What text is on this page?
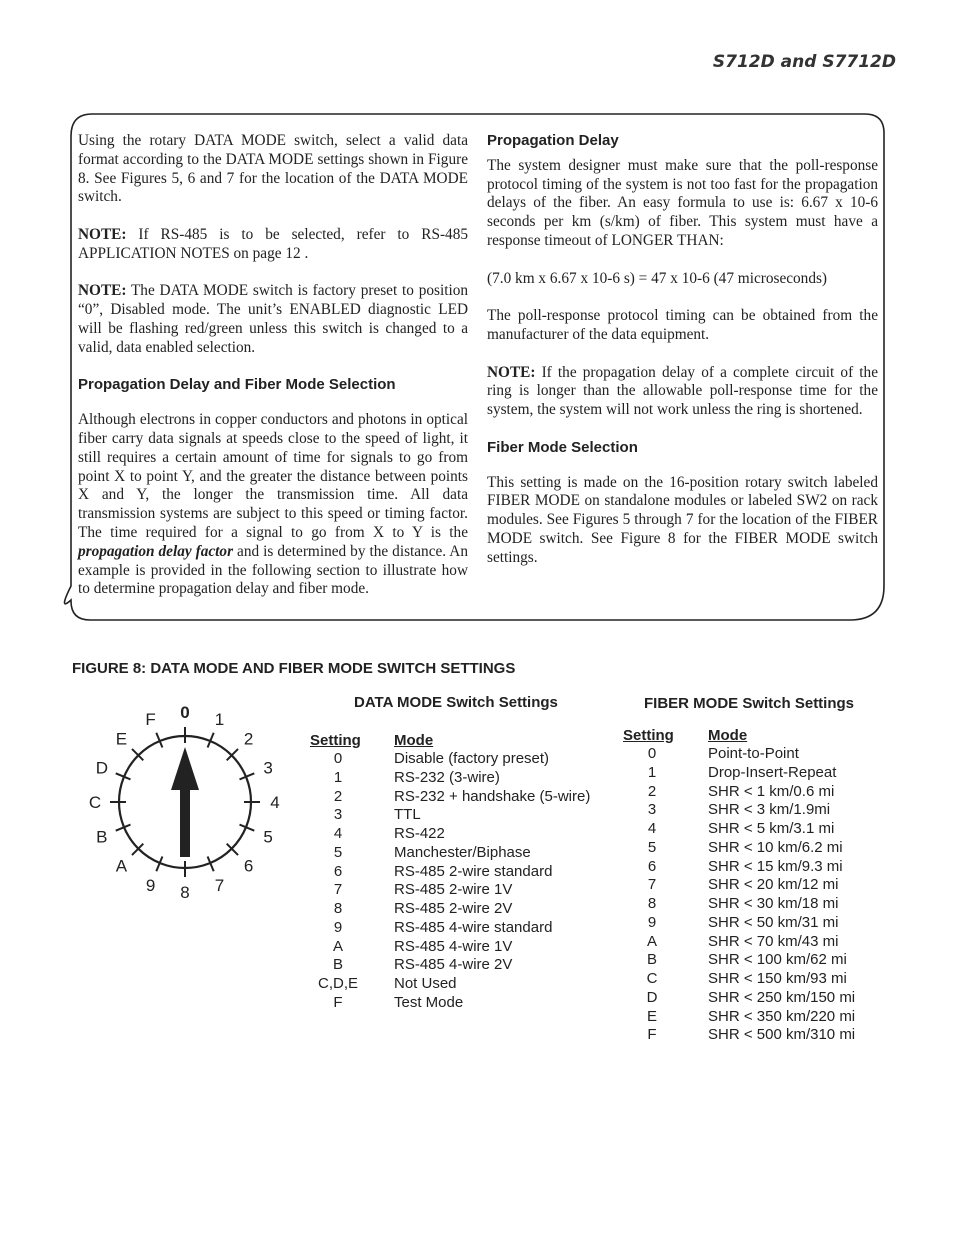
S712D and S7712D

Using the rotary DATA MODE switch, select a valid data format according to the DATA MODE settings shown in Figure 8. See Figures 5, 6 and 7 for the location of the DATA MODE switch.

NOTE: If RS-485 is to be selected, refer to RS-485 APPLICATION NOTES on page 12 .

NOTE: The DATA MODE switch is factory preset to position “0”, Disabled mode. The unit’s ENABLED diagnostic LED will be flashing red/green unless this switch is changed to a valid, data enabled selection.

Propagation Delay and Fiber Mode Selection

Although electrons in copper conductors and photons in optical fiber carry data signals at speeds close to the speed of light, it still requires a certain amount of time for signals to go from point X to point Y, and the greater the distance between points X and Y, the longer the transmission time. All data transmission systems are subject to this speed or timing factor. The time required for a signal to go from X to Y is the propagation delay factor and is determined by the distance. An example is provided in the following section to illustrate how to determine propagation delay and fiber mode.

Propagation Delay

The system designer must make sure that the poll-response protocol timing of the system is not too fast for the propagation delays of the fiber. An easy formula to use is: 6.67 x 10-6 seconds per km (s/km) of fiber. This system must have a response timeout of LONGER THAN:

(7.0 km x 6.67 x 10-6 s) = 47 x 10-6 (47 microseconds)

The poll-response protocol timing can be obtained from the manufacturer of the data equipment.

NOTE: If the propagation delay of a complete circuit of the ring is longer than the allowable poll-response time for the system, the system will not work unless the ring is shortened.

Fiber Mode Selection

This setting is made on the 16-position rotary switch labeled FIBER MODE on standalone modules or labeled SW2 on rack modules. See Figures 5 through 7 for the location of the FIBER MODE switch. See Figure 8 for the FIBER MODE switch settings.

FIGURE 8: DATA MODE AND FIBER MODE SWITCH SETTINGS
0 1
2
3
4
5
6
7
8
9
A
B
C
D
E
F
DATA MODE Switch Settings
Setting Mode
0	Disable (factory preset)
1	RS-232 (3-wire)
2	RS-232 + handshake (5-wire)
3	TTL
4	RS-422
5	Manchester/Biphase
6	RS-485 2-wire standard
7	RS-485 2-wire 1V
8	RS-485 2-wire 2V
9	RS-485 4-wire standard
A	RS-485 4-wire 1V
B	RS-485 4-wire 2V
C,D,E	Not Used
F	Test Mode
FIBER MODE Switch Settings
Setting Mode
0	Point-to-Point
1	Drop-Insert-Repeat
2	SHR < 1 km/0.6 mi
3	SHR < 3 km/1.9mi
4	SHR < 5 km/3.1 mi
5	SHR < 10 km/6.2 mi
6	SHR < 15 km/9.3 mi
7	SHR < 20 km/12 mi
8	SHR < 30 km/18 mi
9	SHR < 50 km/31 mi
A	SHR < 70 km/43 mi
B	SHR < 100 km/62 mi
C	SHR < 150 km/93 mi
D	SHR < 250 km/150 mi
E	SHR < 350 km/220 mi
F	SHR < 500 km/310 mi
